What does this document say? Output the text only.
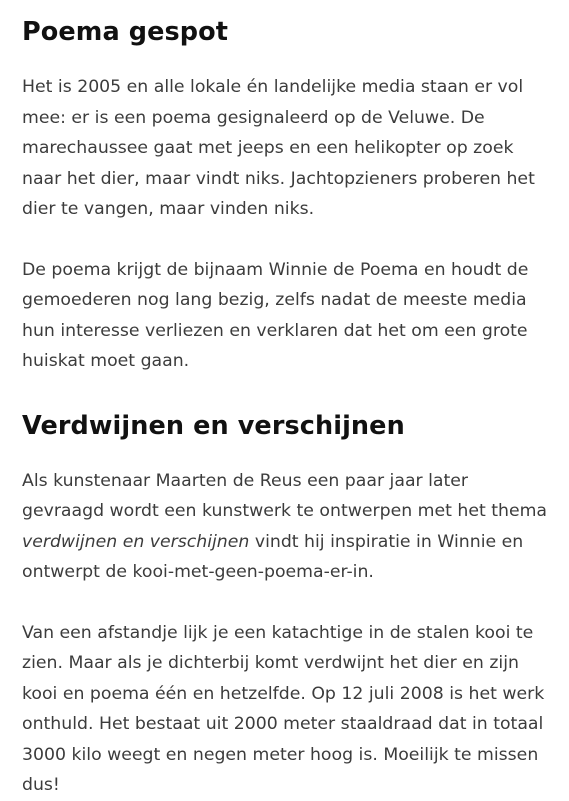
Poema gespot

Het is 2005 en alle lokale én landelijke media staan er vol mee: er is een poema gesignaleerd op de Veluwe. De marechaussee gaat met jeeps en een helikopter op zoek naar het dier, maar vindt niks. Jachtopzieners proberen het dier te vangen, maar vinden niks.

De poema krijgt de bijnaam Winnie de Poema en houdt de gemoederen nog lang bezig, zelfs nadat de meeste media hun interesse verliezen en verklaren dat het om een grote huiskat moet gaan.

Verdwijnen en verschijnen

Als kunstenaar Maarten de Reus een paar jaar later gevraagd wordt een kunstwerk te ontwerpen met het thema verdwijnen en verschijnen vindt hij inspiratie in Winnie en ontwerpt de kooi-met-geen-poema-er-in.

Van een afstandje lijk je een katachtige in de stalen kooi te zien. Maar als je dichterbij komt verdwijnt het dier en zijn kooi en poema één en hetzelfde. Op 12 juli 2008 is het werk onthuld. Het bestaat uit 2000 meter staaldraad dat in totaal 3000 kilo weegt en negen meter hoog is. Moeilijk te missen dus!
